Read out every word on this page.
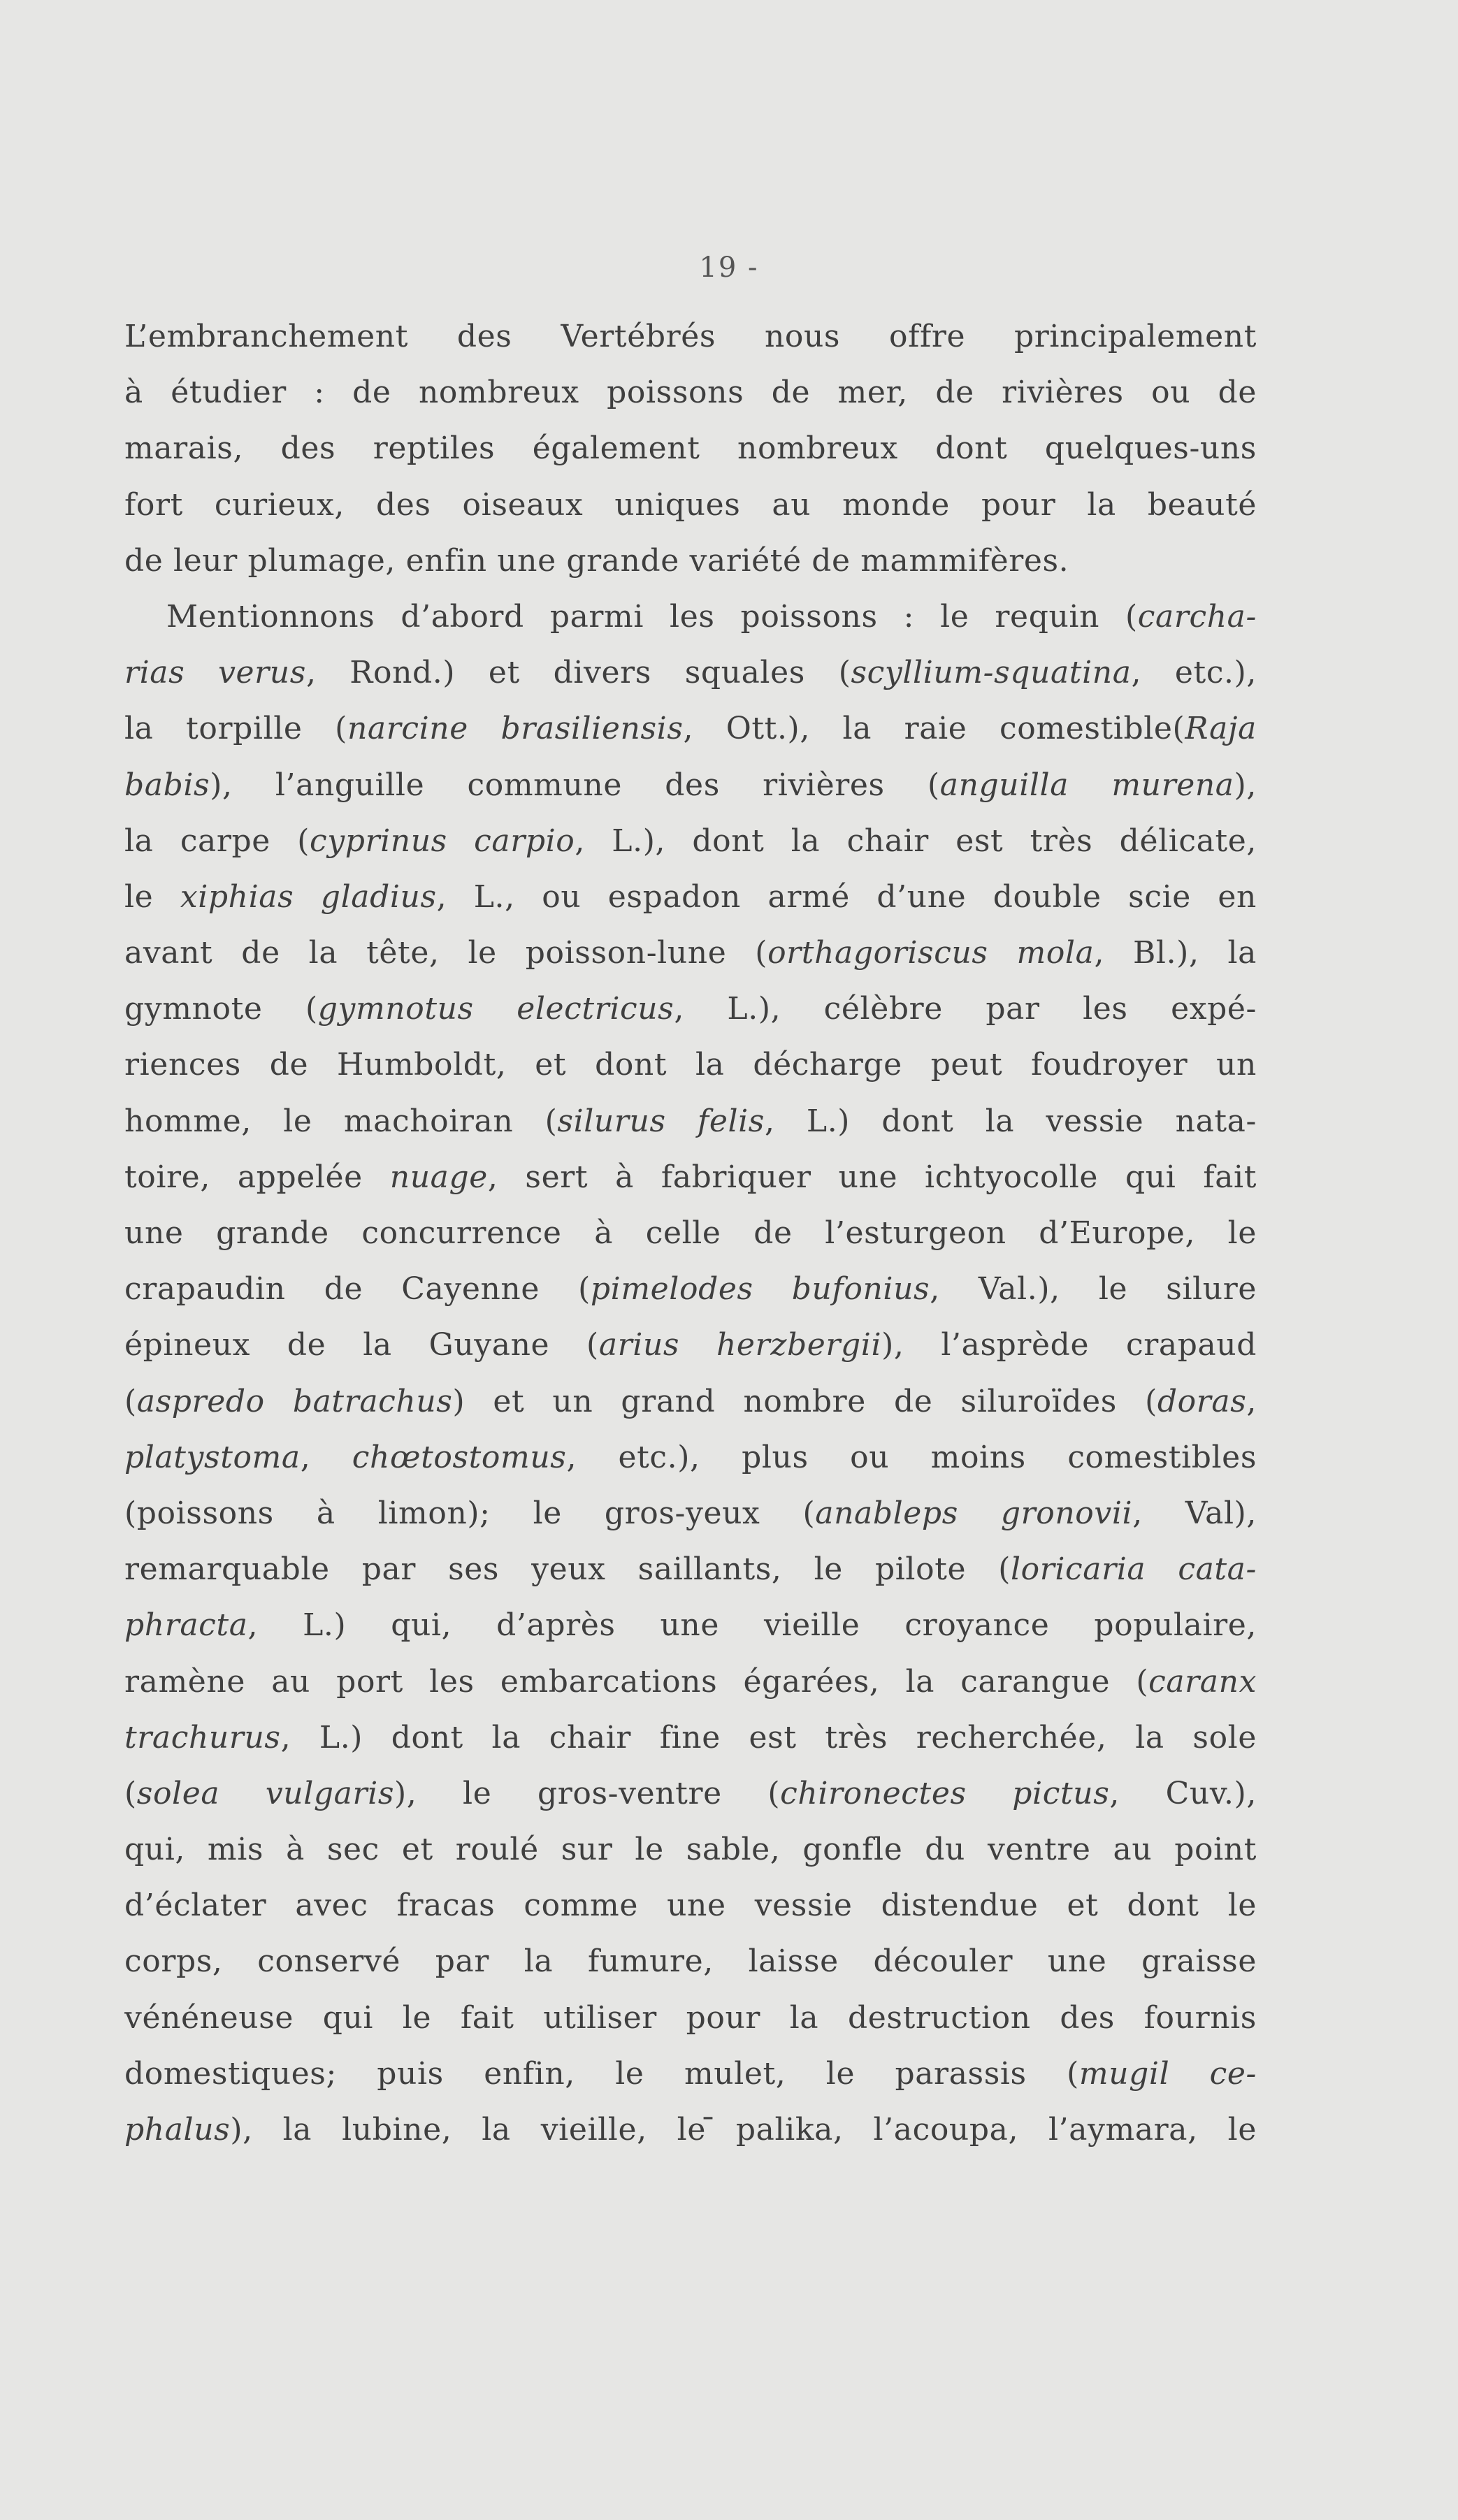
19 -
L’embranchement des Vertébrés nous offre principalement
à étudier : de nombreux poissons de mer, de rivières ou de
marais, des reptiles également nombreux dont quelques-uns
fort curieux, des oiseaux uniques au monde pour la beauté
de leur plumage, enfin une grande variété de mammifères.
Mentionnons d’abord parmi les poissons : le requin (carcha-
rias verus, Rond.) et divers squales (scyllium-squatina, etc.),
la torpille (narcine brasiliensis, Ott.), la raie comestible(Raja
babis), l’anguille commune des rivières (anguilla murena),
la carpe (cyprinus carpio, L.), dont la chair est très délicate,
le xiphias gladius, L., ou espadon armé d’une double scie en
avant de la tête, le poisson-lune (orthagoriscus mola, Bl.), la
gymnote (gymnotus electricus, L.), célèbre par les expé-
riences de Humboldt, et dont la décharge peut foudroyer un
homme, le machoiran (silurus felis, L.) dont la vessie nata-
toire, appelée nuage, sert à fabriquer une ichtyocolle qui fait
une grande concurrence à celle de l’esturgeon d’Europe, le
crapaudin de Cayenne (pimelodes bufonius, Val.), le silure
épineux de la Guyane (arius herzbergii), l’asprède crapaud
(aspredo batrachus) et un grand nombre de siluroïdes (doras,
platystoma, chœtostomus, etc.), plus ou moins comestibles
(poissons à limon); le gros-yeux (anableps gronovii, Val),
remarquable par ses yeux saillants, le pilote (loricaria cata-
phracta, L.) qui, d’après une vieille croyance populaire,
ramène au port les embarcations égarées, la carangue (caranx
trachurus, L.) dont la chair fine est très recherchée, la sole
(solea vulgaris), le gros-ventre (chironectes pictus, Cuv.),
qui, mis à sec et roulé sur le sable, gonfle du ventre au point
d’éclater avec fracas comme une vessie distendue et dont le
corps, conservé par la fumure, laisse découler une graisse
vénéneuse qui le fait utiliser pour la destruction des fournis
domestiques; puis enfin, le mulet, le parassis (mugil ce-
phalus), la lubine, la vieille, le ̄palika, l’acoupa, l’aymara, le
